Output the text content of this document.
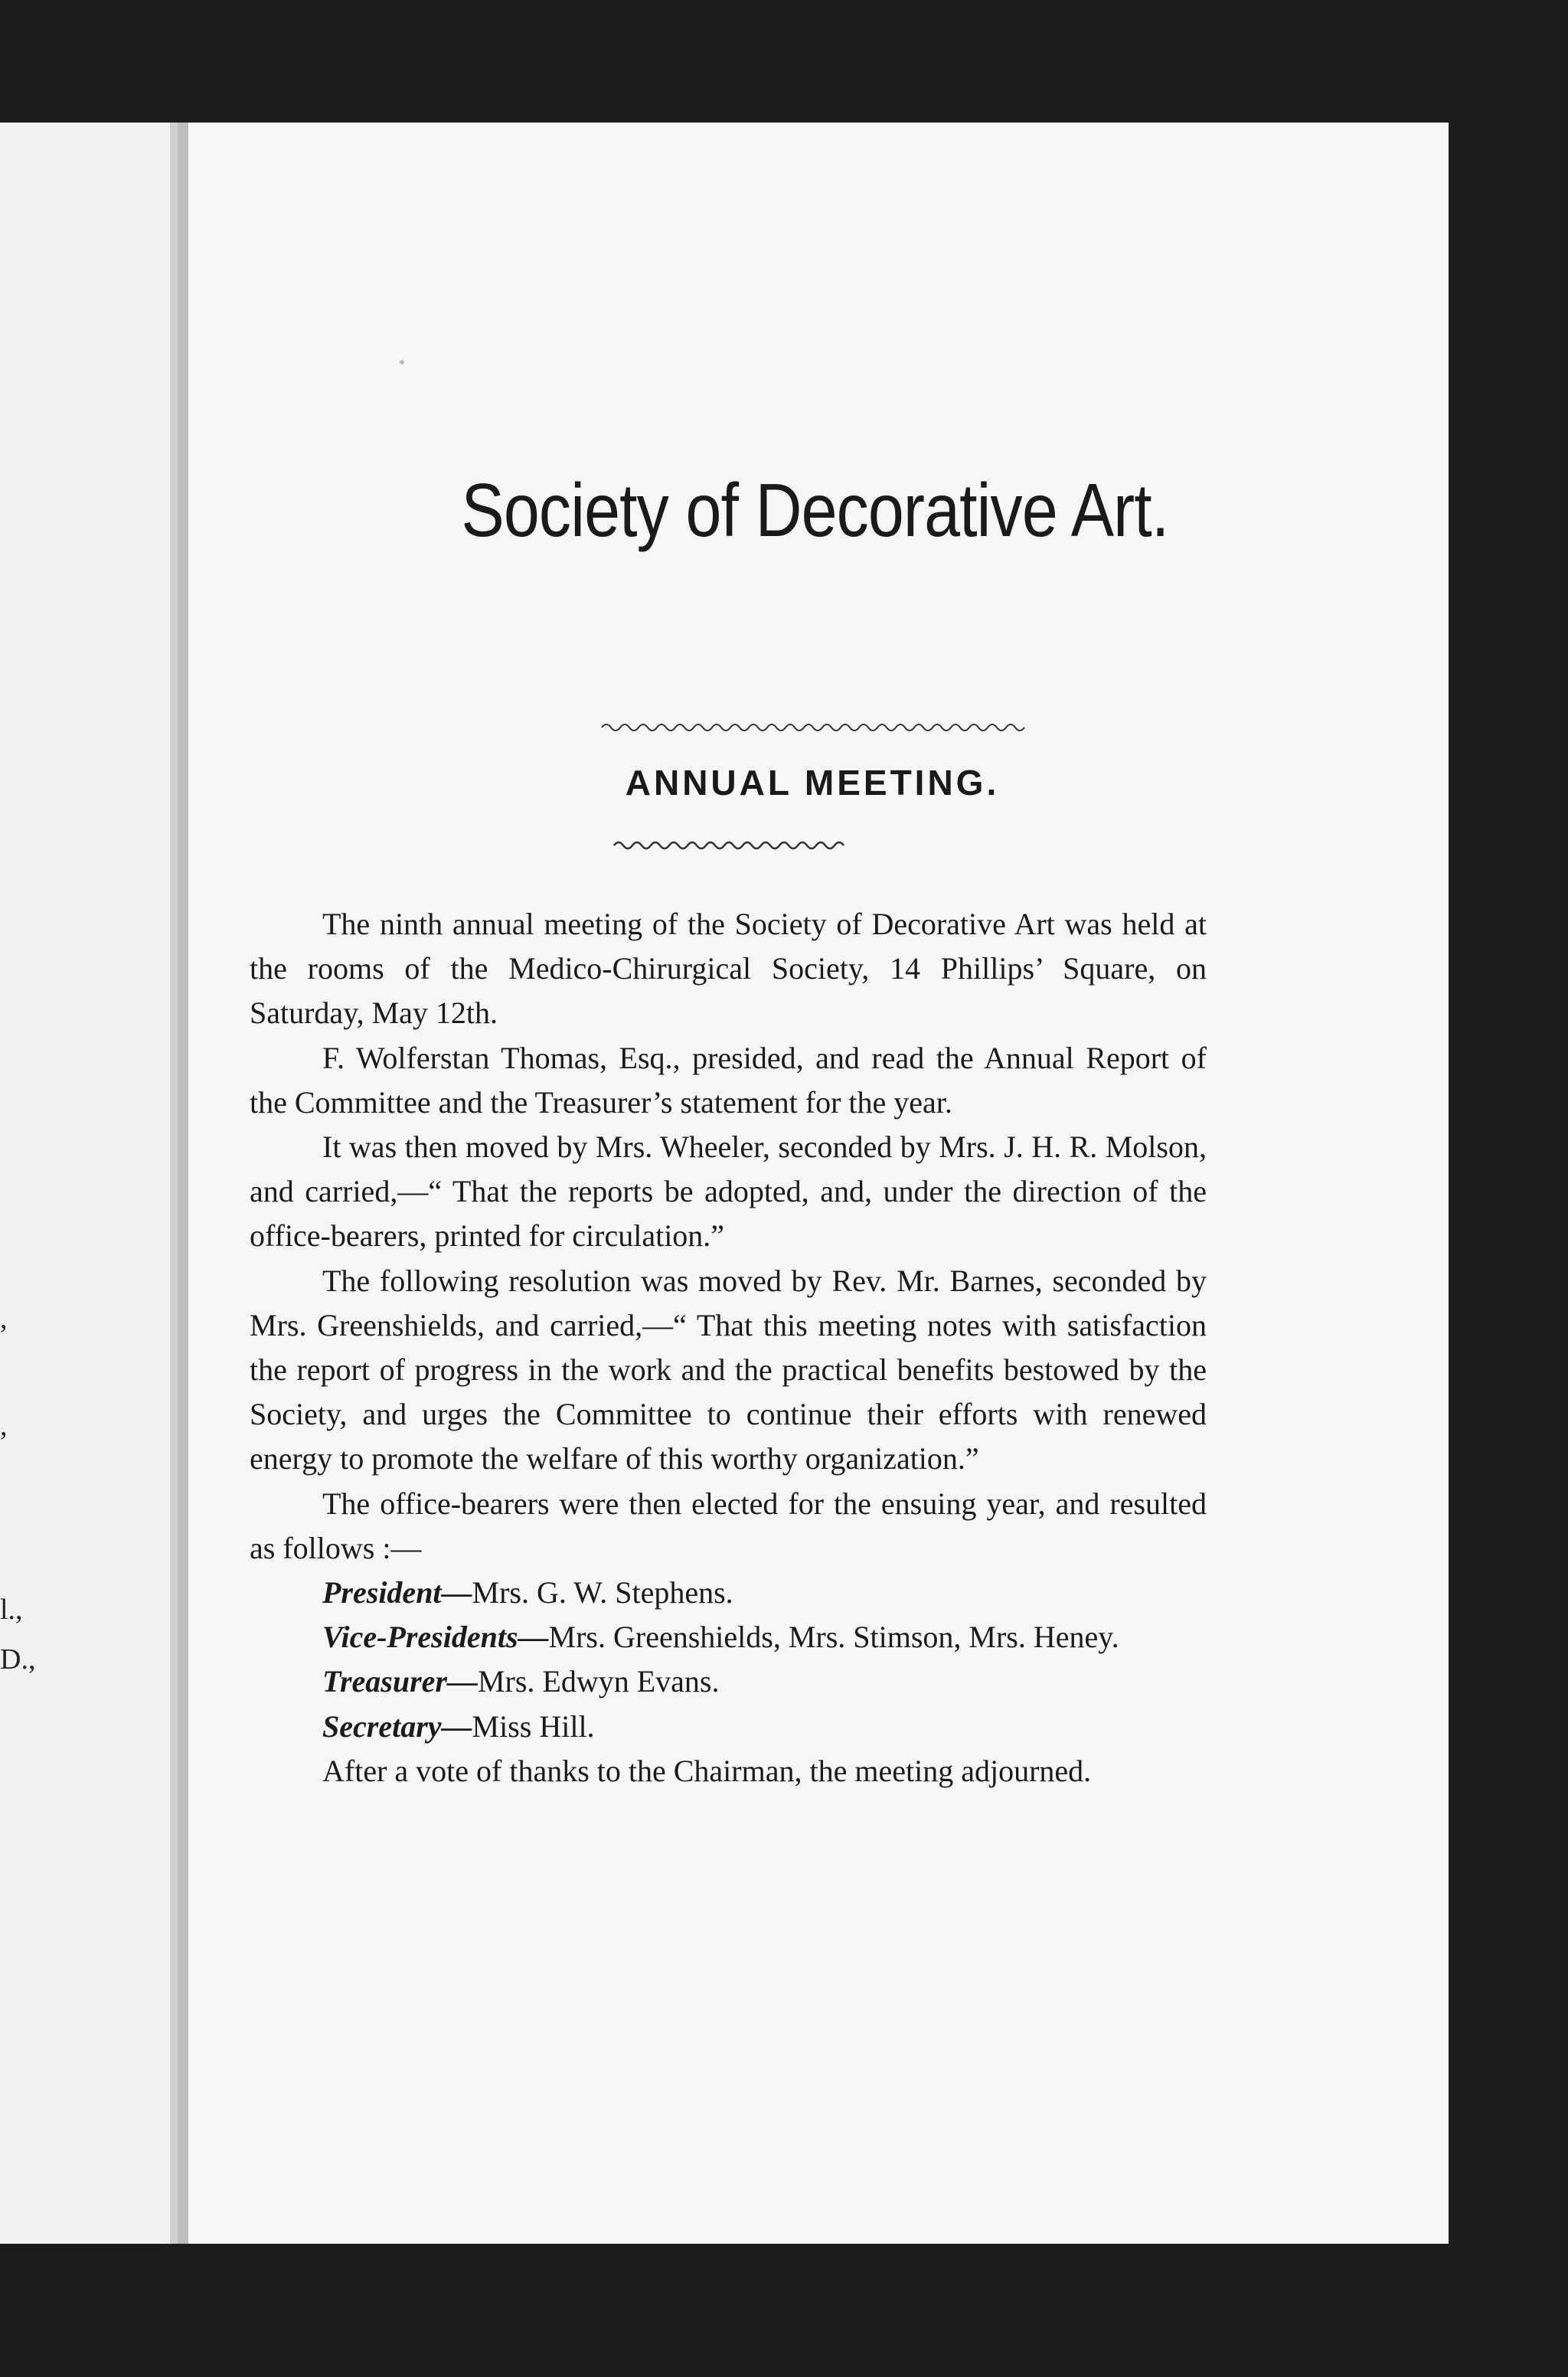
,
,
l.,
D.,
Society of Decorative Art.
ANNUAL MEETING.

The ninth annual meeting of the Society of Decorative Art was held at the rooms of the Medico-Chirurgical Society, 14 Phillips’ Square, on Saturday, May 12th.

F. Wolferstan Thomas, Esq., presided, and read the Annual Report of the Committee and the Treasurer’s statement for the year.

It was then moved by Mrs. Wheeler, seconded by Mrs. J. H. R. Molson, and carried,—“ That the reports be adopted, and, under the direction of the office-bearers, printed for circulation.”

The following resolution was moved by Rev. Mr. Barnes, seconded by Mrs. Greenshields, and carried,—“ That this meeting notes with satisfaction the report of progress in the work and the practical benefits bestowed by the Society, and urges the Committee to continue their efforts with renewed energy to promote the welfare of this worthy organization.”

The office-bearers were then elected for the ensuing year, and resulted as follows :—

President—Mrs. G. W. Stephens.

Vice-Presidents—Mrs. Greenshields, Mrs. Stimson, Mrs. Heney.

Treasurer—Mrs. Edwyn Evans.

Secretary—Miss Hill.

After a vote of thanks to the Chairman, the meeting adjourned.
